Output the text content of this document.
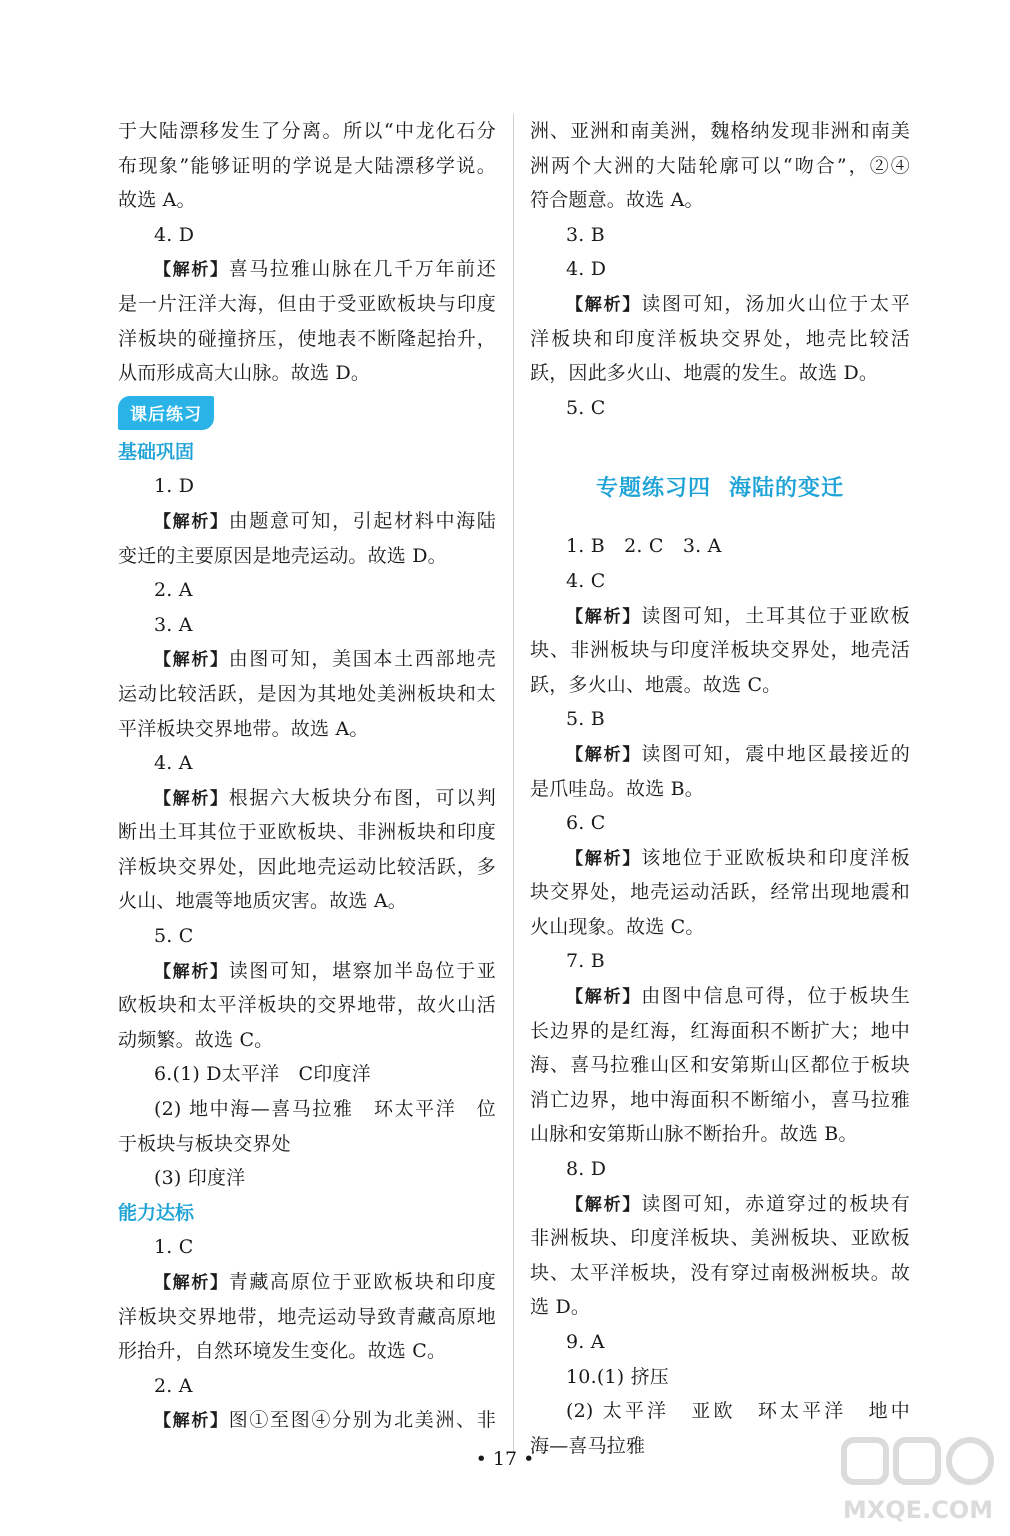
于大陆漂移发生了分离。所以“中龙化石分
布现象”能够证明的学说是大陆漂移学说。
故选 A。
4. D
【解析】喜马拉雅山脉在几千万年前还
是一片汪洋大海，但由于受亚欧板块与印度
洋板块的碰撞挤压，使地表不断隆起抬升，
从而形成高大山脉。故选 D。
课后练习
基础巩固
1. D
【解析】由题意可知，引起材料中海陆
变迁的主要原因是地壳运动。故选 D。
2. A
3. A
【解析】由图可知，美国本土西部地壳
运动比较活跃，是因为其地处美洲板块和太
平洋板块交界地带。故选 A。
4. A
【解析】根据六大板块分布图，可以判
断出土耳其位于亚欧板块、非洲板块和印度
洋板块交界处，因此地壳运动比较活跃，多
火山、地震等地质灾害。故选 A。
5. C
【解析】读图可知，堪察加半岛位于亚
欧板块和太平洋板块的交界地带，故火山活
动频繁。故选 C。
6.(1) D太平洋　C印度洋
(2) 地中海—喜马拉雅　环太平洋　位
于板块与板块交界处
(3) 印度洋
能力达标
1. C
【解析】青藏高原位于亚欧板块和印度
洋板块交界地带，地壳运动导致青藏高原地
形抬升，自然环境发生变化。故选 C。
2. A
【解析】图①至图④分别为北美洲、非
洲、亚洲和南美洲，魏格纳发现非洲和南美
洲两个大洲的大陆轮廓可以“吻合”，②④
符合题意。故选 A。
3. B
4. D
【解析】读图可知，汤加火山位于太平
洋板块和印度洋板块交界处，地壳比较活
跃，因此多火山、地震的发生。故选 D。
5. C
专题练习四 海陆的变迁
1. B　2. C　3. A
4. C
【解析】读图可知，土耳其位于亚欧板
块、非洲板块与印度洋板块交界处，地壳活
跃，多火山、地震。故选 C。
5. B
【解析】读图可知，震中地区最接近的
是爪哇岛。故选 B。
6. C
【解析】该地位于亚欧板块和印度洋板
块交界处，地壳运动活跃，经常出现地震和
火山现象。故选 C。
7. B
【解析】由图中信息可得，位于板块生
长边界的是红海，红海面积不断扩大；地中
海、喜马拉雅山区和安第斯山区都位于板块
消亡边界，地中海面积不断缩小，喜马拉雅
山脉和安第斯山脉不断抬升。故选 B。
8. D
【解析】读图可知，赤道穿过的板块有
非洲板块、印度洋板块、美洲板块、亚欧板
块、太平洋板块，没有穿过南极洲板块。故
选 D。
9. A
10.(1) 挤压
(2) 太平洋　亚欧　环太平洋　地中
海—喜马拉雅
• 17 •
MXQE.COM
